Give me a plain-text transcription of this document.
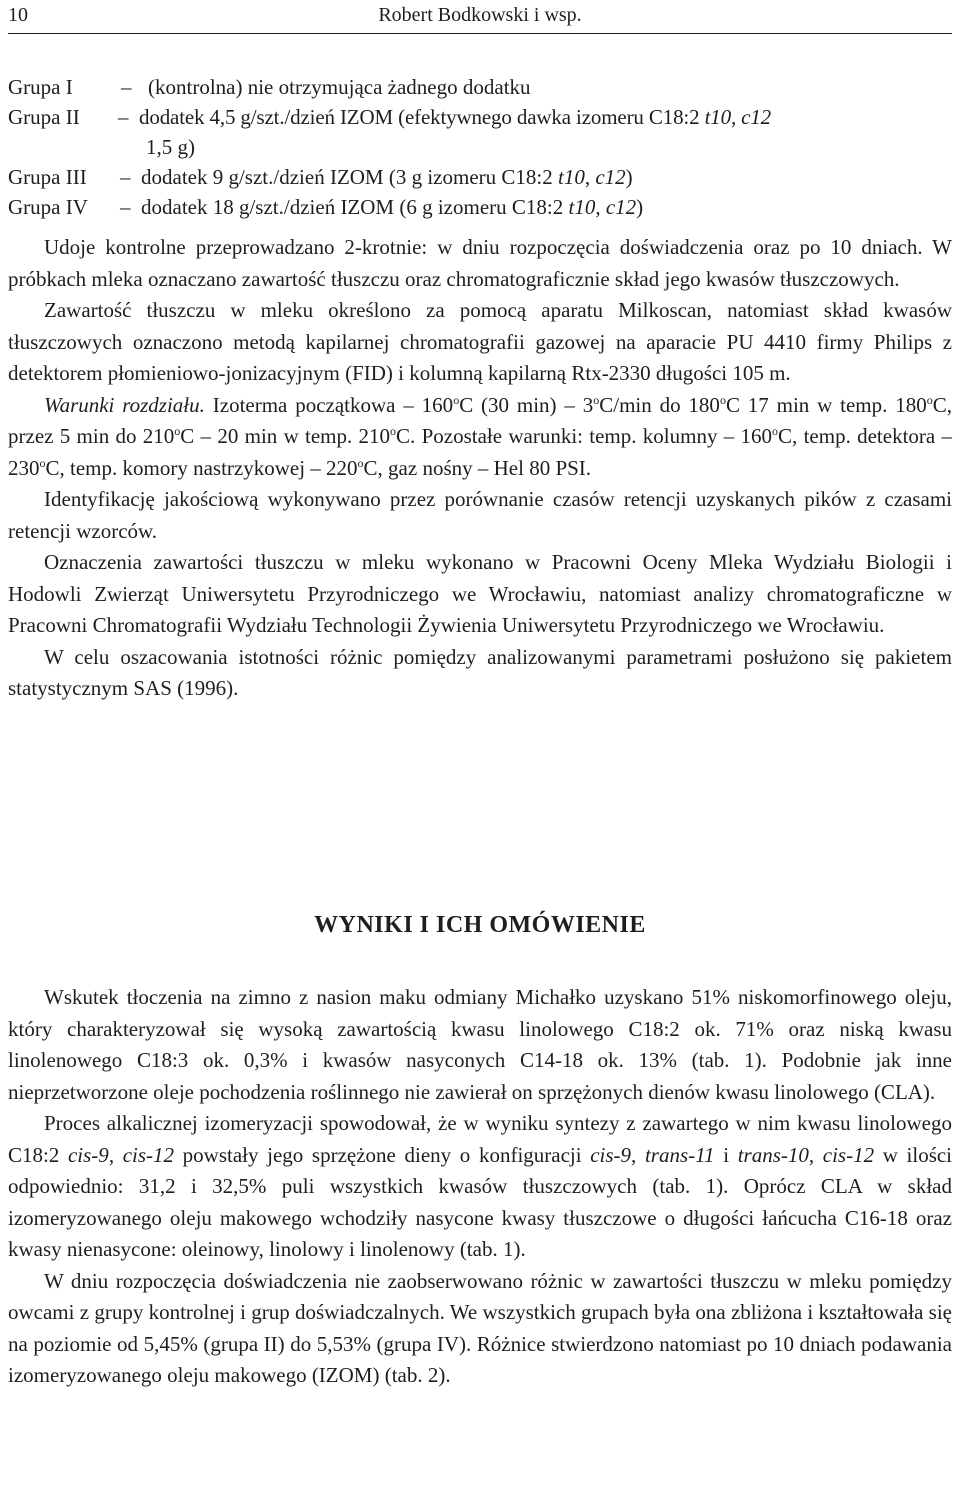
10	Robert Bodkowski i wsp.
Grupa I – (kontrolna) nie otrzymująca żadnego dodatku
Grupa II – dodatek 4,5 g/szt./dzień IZOM (efektywnego dawka izomeru C18:2 t10, c12
1,5 g)
Grupa III – dodatek 9 g/szt./dzień IZOM (3 g izomeru C18:2 t10, c12)
Grupa IV – dodatek 18 g/szt./dzień IZOM (6 g izomeru C18:2 t10, c12)

Udoje kontrolne przeprowadzano 2-krotnie: w dniu rozpoczęcia doświadczenia oraz po 10 dniach. W próbkach mleka oznaczano zawartość tłuszczu oraz chromatograficznie skład jego kwasów tłuszczowych.

Zawartość tłuszczu w mleku określono za pomocą aparatu Milkoscan, natomiast skład kwasów tłuszczowych oznaczono metodą kapilarnej chromatografii gazowej na aparacie PU 4410 firmy Philips z detektorem płomieniowo-jonizacyjnym (FID) i kolumną kapilarną Rtx-2330 długości 105 m.

Warunki rozdziału. Izoterma początkowa – 160$^o$C (30 min) – 3$^o$C/min do 180$^o$C 17 min w temp. 180$^o$C, przez 5 min do 210$^o$C – 20 min w temp. 210$^o$C. Pozostałe warunki: temp. kolumny – 160$^o$C, temp. detektora – 230$^o$C, temp. komory nastrzykowej – 220$^o$C, gaz nośny – Hel 80 PSI.

Identyfikację jakościową wykonywano przez porównanie czasów retencji uzyskanych pików z czasami retencji wzorców.

Oznaczenia zawartości tłuszczu w mleku wykonano w Pracowni Oceny Mleka Wydziału Biologii i Hodowli Zwierząt Uniwersytetu Przyrodniczego we Wrocławiu, natomiast analizy chromatograficzne w Pracowni Chromatografii Wydziału Technologii Żywienia Uniwersytetu Przyrodniczego we Wrocławiu.

W celu oszacowania istotności różnic pomiędzy analizowanymi parametrami posłużono się pakietem statystycznym SAS (1996).

WYNIKI I ICH OMÓWIENIE

Wskutek tłoczenia na zimno z nasion maku odmiany Michałko uzyskano 51% niskomorfinowego oleju, który charakteryzował się wysoką zawartością kwasu linolowego C18:2 ok. 71% oraz niską kwasu linolenowego C18:3 ok. 0,3% i kwasów nasyconych C14-18 ok. 13% (tab. 1). Podobnie jak inne nieprzetworzone oleje pochodzenia roślinnego nie zawierał on sprzężonych dienów kwasu linolowego (CLA).

Proces alkalicznej izomeryzacji spowodował, że w wyniku syntezy z zawartego w nim kwasu linolowego C18:2 cis-9, cis-12 powstały jego sprzężone dieny o konfiguracji cis-9, trans-11 i trans-10, cis-12 w ilości odpowiednio: 31,2 i 32,5% puli wszystkich kwasów tłuszczowych (tab. 1). Oprócz CLA w skład izomeryzowanego oleju makowego wchodziły nasycone kwasy tłuszczowe o długości łańcucha C16-18 oraz kwasy nienasycone: oleinowy, linolowy i linolenowy (tab. 1).

W dniu rozpoczęcia doświadczenia nie zaobserwowano różnic w zawartości tłuszczu w mleku pomiędzy owcami z grupy kontrolnej i grup doświadczalnych. We wszystkich grupach była ona zbliżona i kształtowała się na poziomie od 5,45% (grupa II) do 5,53% (grupa IV). Różnice stwierdzono natomiast po 10 dniach podawania izomeryzowanego oleju makowego (IZOM) (tab. 2).
